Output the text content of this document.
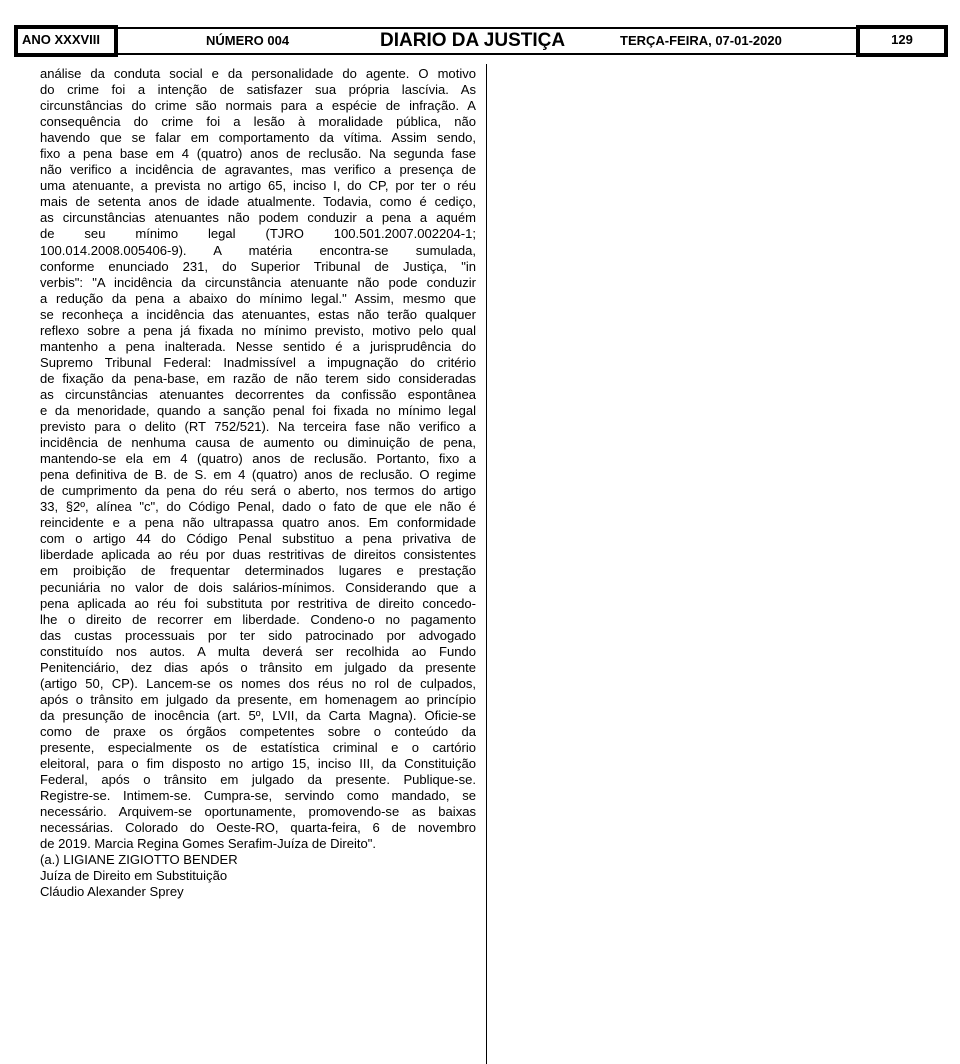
ANO XXXVIII	NÚMERO 004	DIARIO DA JUSTIÇA	TERÇA-FEIRA, 07-01-2020	129
análise da conduta social e da personalidade do agente. O motivo
do crime foi a intenção de satisfazer sua própria lascívia. As
circunstâncias do crime são normais para a espécie de infração. A
consequência do crime foi a lesão à moralidade pública, não
havendo que se falar em comportamento da vítima. Assim sendo,
fixo a pena base em 4 (quatro) anos de reclusão. Na segunda fase
não verifico a incidência de agravantes, mas verifico a presença de
uma atenuante, a prevista no artigo 65, inciso I, do CP, por ter o réu
mais de setenta anos de idade atualmente. Todavia, como é cediço,
as circunstâncias atenuantes não podem conduzir a pena a aquém
de seu mínimo legal (TJRO 100.501.2007.002204-1;
100.014.2008.005406-9). A matéria encontra-se sumulada,
conforme enunciado 231, do Superior Tribunal de Justiça, "in
verbis": "A incidência da circunstância atenuante não pode conduzir
a redução da pena a abaixo do mínimo legal." Assim, mesmo que
se reconheça a incidência das atenuantes, estas não terão qualquer
reflexo sobre a pena já fixada no mínimo previsto, motivo pelo qual
mantenho a pena inalterada. Nesse sentido é a jurisprudência do
Supremo Tribunal Federal: Inadmissível a impugnação do critério
de fixação da pena-base, em razão de não terem sido consideradas
as circunstâncias atenuantes decorrentes da confissão espontânea
e da menoridade, quando a sanção penal foi fixada no mínimo legal
previsto para o delito (RT 752/521). Na terceira fase não verifico a
incidência de nenhuma causa de aumento ou diminuição de pena,
mantendo-se ela em 4 (quatro) anos de reclusão. Portanto, fixo a
pena definitiva de B. de S. em 4 (quatro) anos de reclusão. O regime
de cumprimento da pena do réu será o aberto, nos termos do artigo
33, §2º, alínea "c", do Código Penal, dado o fato de que ele não é
reincidente e a pena não ultrapassa quatro anos. Em conformidade
com o artigo 44 do Código Penal substituo a pena privativa de
liberdade aplicada ao réu por duas restritivas de direitos consistentes
em proibição de frequentar determinados lugares e prestação
pecuniária no valor de dois salários-mínimos. Considerando que a
pena aplicada ao réu foi substituta por restritiva de direito concedo-
lhe o direito de recorrer em liberdade. Condeno-o no pagamento
das custas processuais por ter sido patrocinado por advogado
constituído nos autos. A multa deverá ser recolhida ao Fundo
Penitenciário, dez dias após o trânsito em julgado da presente
(artigo 50, CP). Lancem-se os nomes dos réus no rol de culpados,
após o trânsito em julgado da presente, em homenagem ao princípio
da presunção de inocência (art. 5º, LVII, da Carta Magna). Oficie-se
como de praxe os órgãos competentes sobre o conteúdo da
presente, especialmente os de estatística criminal e o cartório
eleitoral, para o fim disposto no artigo 15, inciso III, da Constituição
Federal, após o trânsito em julgado da presente. Publique-se.
Registre-se. Intimem-se. Cumpra-se, servindo como mandado, se
necessário. Arquivem-se oportunamente, promovendo-se as baixas
necessárias. Colorado do Oeste-RO, quarta-feira, 6 de novembro
de 2019. Marcia Regina Gomes Serafim-Juíza de Direito".
(a.) LIGIANE ZIGIOTTO BENDER
Juíza de Direito em Substituição
Cláudio Alexander Sprey
